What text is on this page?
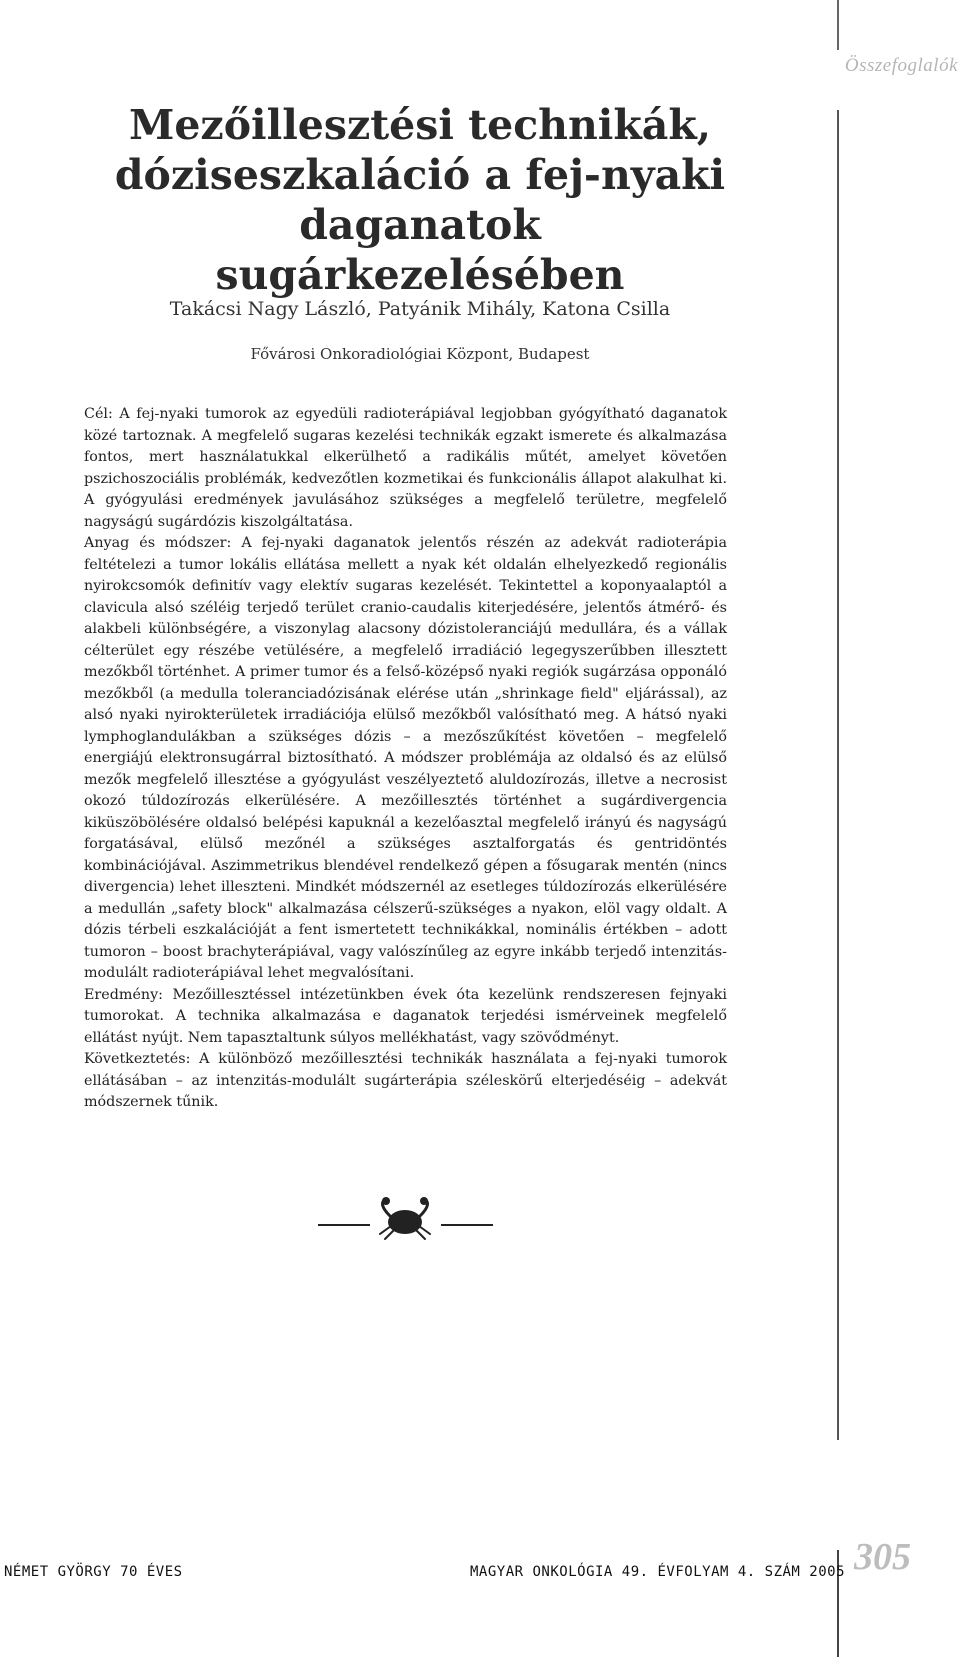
Összefoglalók
Mezőillesztési technikák,
dóziseszkaláció a fej-nyaki daganatok
sugárkezelésében
Takácsi Nagy László, Patyánik Mihály, Katona Csilla
Fővárosi Onkoradiológiai Központ, Budapest

Cél: A fej-nyaki tumorok az egyedüli radioterápiával legjobban gyógyítható daganatok közé tartoznak. A megfelelő sugaras kezelési technikák egzakt ismerete és alkalmazása fontos, mert használatukkal elkerülhető a radikális műtét, amelyet követően pszichoszociális problémák, kedvezőtlen kozmetikai és funkcionális állapot alakulhat ki. A gyógyulási eredmények javulásához szükséges a megfelelő területre, megfelelő nagyságú sugárdózis kiszolgáltatása.

Anyag és módszer: A fej-nyaki daganatok jelentős részén az adekvát radioterápia feltételezi a tumor lokális ellátása mellett a nyak két oldalán elhelyezkedő regionális nyirokcsomók definitív vagy elektív sugaras kezelését. Tekintettel a koponyaalaptól a clavicula alsó széléig terjedő terület cranio-caudalis kiterjedésére, jelentős átmérő- és alakbeli különbségére, a viszonylag alacsony dózistoleranciájú medullára, és a vállak célterület egy részébe vetülésére, a megfelelő irradiáció legegyszerűbben illesztett mezőkből történhet. A primer tumor és a felső-középső nyaki regiók sugárzása opponáló mezőkből (a medulla toleranciadózisának elérése után „shrinkage field" eljárással), az alsó nyaki nyirokterületek irradiációja elülső mezőkből valósítható meg. A hátsó nyaki lymphoglandulákban a szükséges dózis – a mezőszűkítést követően – megfelelő energiájú elektronsugárral biztosítható. A módszer problémája az oldalsó és az elülső mezők megfelelő illesztése a gyógyulást veszélyeztető aluldozírozás, illetve a necrosist okozó túldozírozás elkerülésére. A mezőillesztés történhet a sugárdivergencia kiküszöbölésére oldalsó belépési kapuknál a kezelőasztal megfelelő irányú és nagyságú forgatásával, elülső mezőnél a szükséges asztalforgatás és gentridöntés kombinációjával. Aszimmetrikus blendével rendelkező gépen a fősugarak mentén (nincs divergencia) lehet illeszteni. Mindkét módszernél az esetleges túldozírozás elkerülésére a medullán „safety block" alkalmazása célszerű-szükséges a nyakon, elöl vagy oldalt. A dózis térbeli eszkalációját a fent ismertetett technikákkal, nominális értékben – adott tumoron – boost brachyterápiával, vagy valószínűleg az egyre inkább terjedő intenzitás-modulált radioterápiával lehet megvalósítani.

Eredmény: Mezőillesztéssel intézetünkben évek óta kezelünk rendszeresen fejnyaki tumorokat. A technika alkalmazása e daganatok terjedési ismérveinek megfelelő ellátást nyújt. Nem tapasztaltunk súlyos mellékhatást, vagy szövődményt.

Következtetés: A különböző mezőillesztési technikák használata a fej-nyaki tumorok ellátásában – az intenzitás-modulált sugárterápia széleskörű elterjedéséig – adekvát módszernek tűnik.

NÉMET GYÖRGY 70 ÉVES	MAGYAR ONKOLÓGIA 49. ÉVFOLYAM 4. SZÁM 2005 305
